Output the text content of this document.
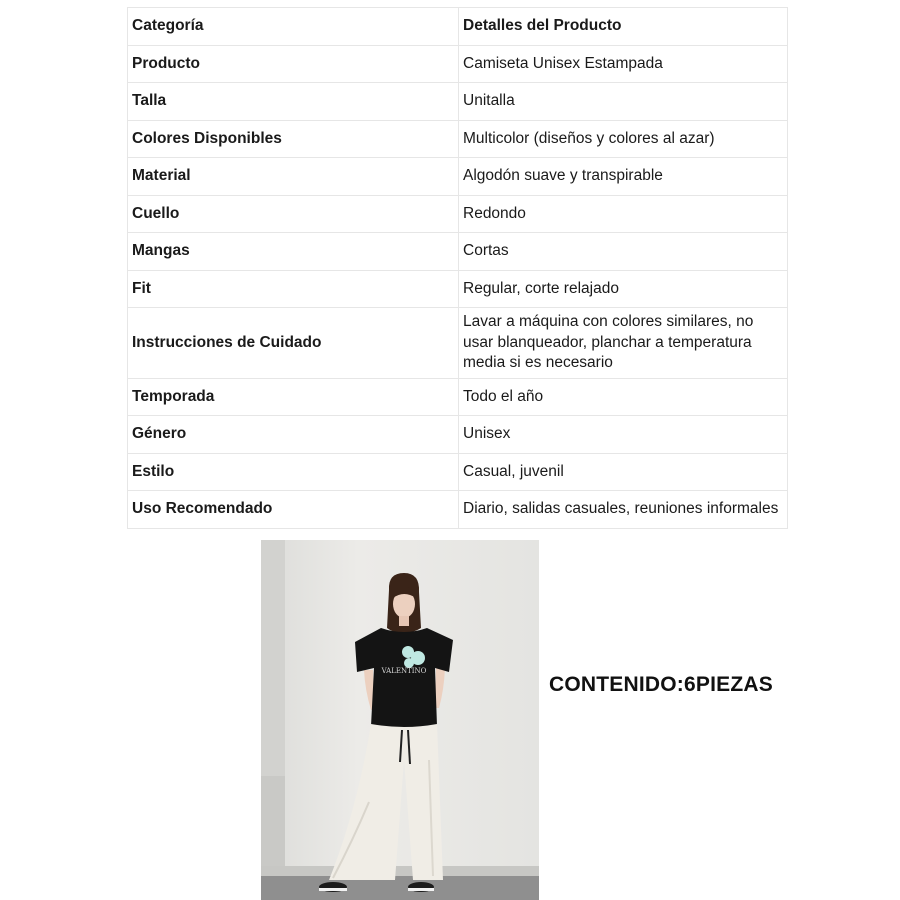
Categoría	Detalles del Producto
Producto	Camiseta Unisex Estampada
Talla	Unitalla
Colores Disponibles	Multicolor (diseños y colores al azar)
Material	Algodón suave y transpirable
Cuello	Redondo
Mangas	Cortas
Fit	Regular, corte relajado
Instrucciones de Cuidado	Lavar a máquina con colores similares, no usar blanqueador, planchar a temperatura media si es necesario
Temporada	Todo el año
Género	Unisex
Estilo	Casual, juvenil
Uso Recomendado	Diario, salidas casuales, reuniones informales
VALENTINO
CONTENIDO:6PIEZAS
